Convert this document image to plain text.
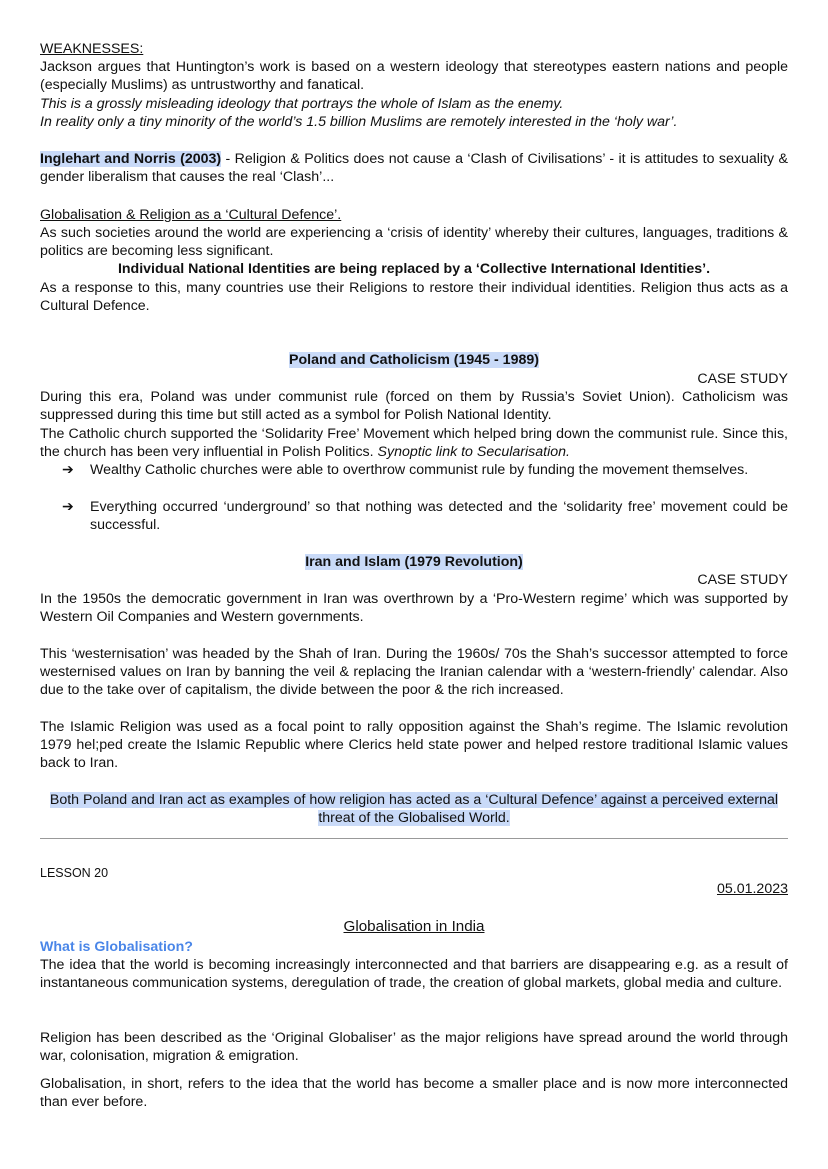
WEAKNESSES:

Jackson argues that Huntington’s work is based on a western ideology that stereotypes eastern nations and people (especially Muslims) as untrustworthy and fanatical.

This is a grossly misleading ideology that portrays the whole of Islam as the enemy.

In reality only a tiny minority of the world’s 1.5 billion Muslims are remotely interested in the ‘holy war’.

Inglehart and Norris (2003) - Religion & Politics does not cause a ‘Clash of Civilisations’ - it is attitudes to sexuality & gender liberalism that causes the real ‘Clash’...

Globalisation & Religion as a ‘Cultural Defence’.

As such societies around the world are experiencing a ‘crisis of identity’ whereby their cultures, languages, traditions & politics are becoming less significant.

Individual National Identities are being replaced by a ‘Collective International Identities’.

As a response to this, many countries use their Religions to restore their individual identities. Religion thus acts as a Cultural Defence.

Poland and Catholicism (1945 - 1989)

CASE STUDY

During this era, Poland was under communist rule (forced on them by Russia’s Soviet Union). Catholicism was suppressed during this time but still acted as a symbol for Polish National Identity.

The Catholic church supported the ‘Solidarity Free’ Movement which helped bring down the communist rule. Since this, the church has been very influential in Polish Politics. Synoptic link to Secularisation.

➔	Wealthy Catholic churches were able to overthrow communist rule by funding the movement themselves.
➔	Everything occurred ‘underground’ so that nothing was detected and the ‘solidarity free’ movement could be successful.

Iran and Islam (1979 Revolution)

CASE STUDY

In the 1950s the democratic government in Iran was overthrown by a ‘Pro-Western regime’ which was supported by Western Oil Companies and Western governments.

This ‘westernisation’ was headed by the Shah of Iran. During the 1960s/ 70s the Shah’s successor attempted to force westernised values on Iran by banning the veil & replacing the Iranian calendar with a ‘western-friendly’ calendar. Also due to the take over of capitalism, the divide between the poor & the rich increased.

The Islamic Religion was used as a focal point to rally opposition against the Shah’s regime. The Islamic revolution 1979 hel;ped create the Islamic Republic where Clerics held state power and helped restore traditional Islamic values back to Iran.

Both Poland and Iran act as examples of how religion has acted as a ‘Cultural Defence’ against a perceived external threat of the Globalised World.

LESSON 20

05.01.2023

Globalisation in India

What is Globalisation?

The idea that the world is becoming increasingly interconnected and that barriers are disappearing e.g. as a result of instantaneous communication systems, deregulation of trade, the creation of global markets, global media and culture.

Religion has been described as the ‘Original Globaliser’ as the major religions have spread around the world through war, colonisation, migration & emigration.

Globalisation, in short, refers to the idea that the world has become a smaller place and is now more interconnected than ever before.
